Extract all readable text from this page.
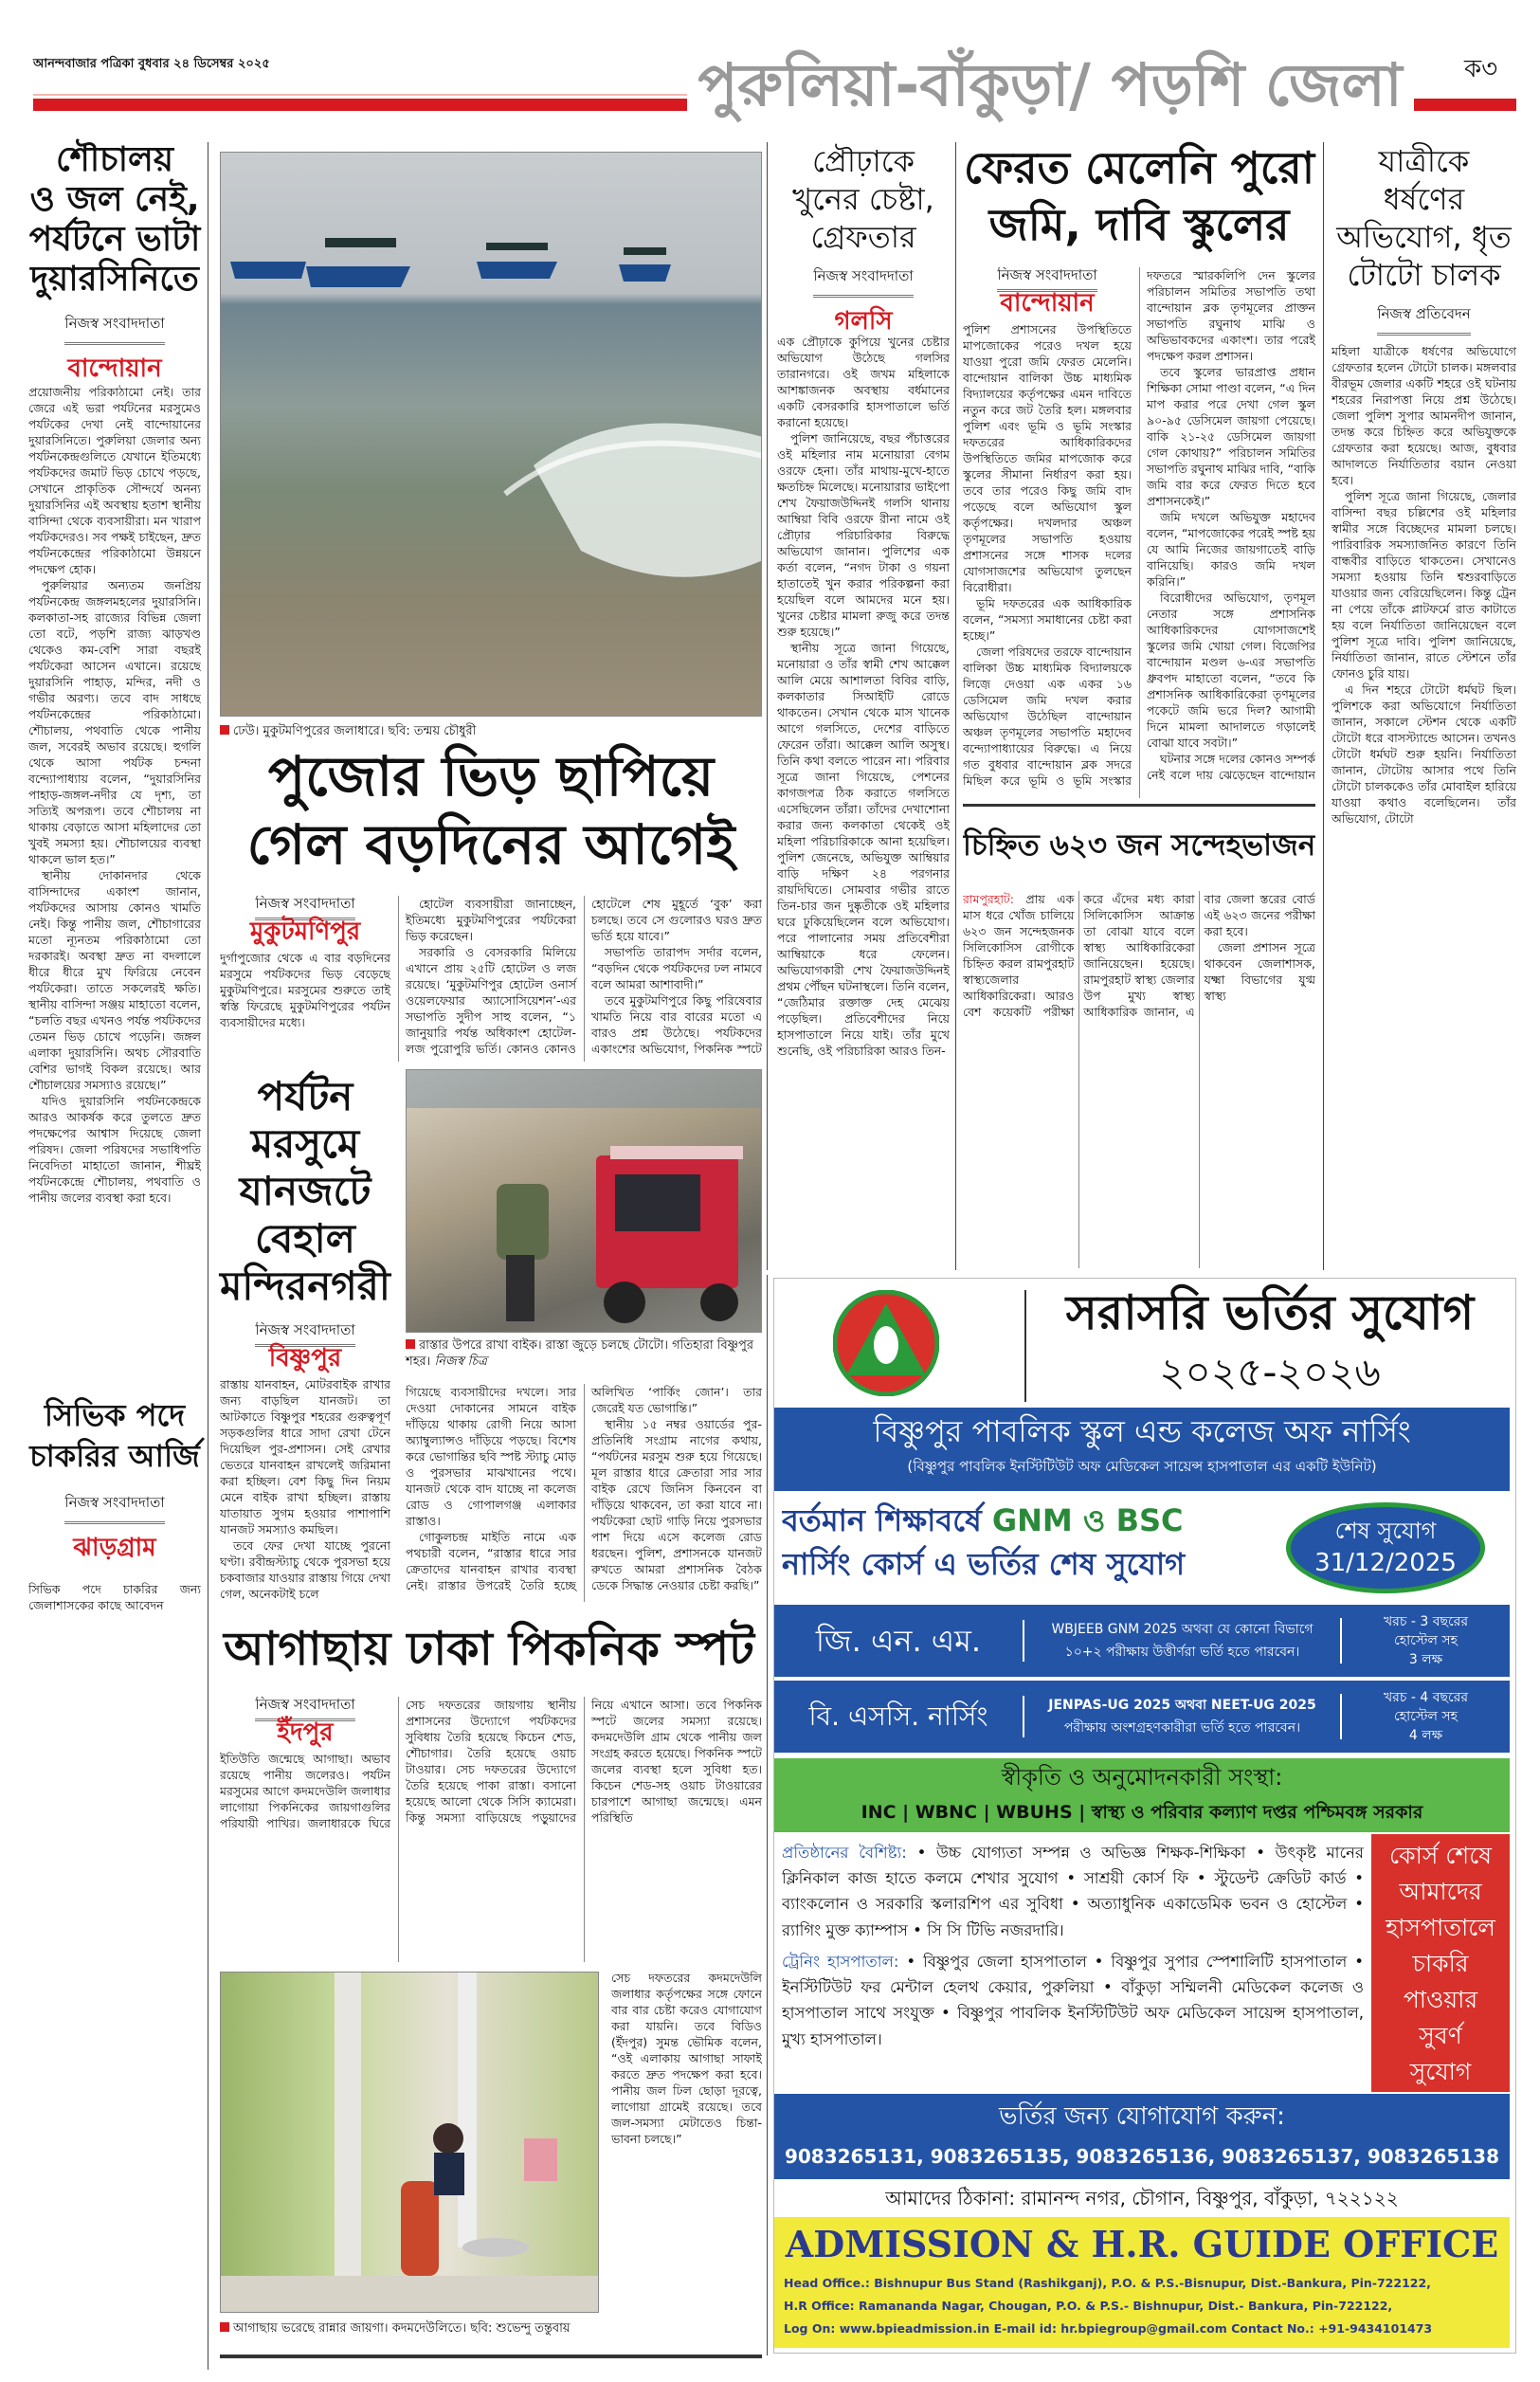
আনন্দবাজার পত্রিকা বুধবার ২৪ ডিসেম্বর ২০২৫	পুরুলিয়া-বাঁকুড়া/ পড়শি জেলা	ক৩
শৌচালয়
ও জল নেই,
পর্যটনে ভাটা
দুয়ারসিনিতে
নিজস্ব সংবাদদাতা
বান্দোয়ান

প্রয়োজনীয় পরিকাঠামো নেই। তার জেরে এই ভরা পর্যটনের মরসুমেও পর্যটকের দেখা নেই বান্দোয়ানের দুয়ারসিনিতে। পুরুলিয়া জেলার অন্য পর্যটনকেন্দ্রগুলিতে যেখানে ইতিমধ্যে পর্যটকদের জমাট ভিড় চোখে পড়ছে, সেখানে প্রাকৃতিক সৌন্দর্যে অনন্য দুয়ারসিনির এই অবস্থায় হতাশ স্থানীয় বাসিন্দা থেকে ব্যবসায়ীরা। মন খারাপ পর্যটকদেরও। সব পক্ষই চাইছেন, দ্রুত পর্যটনকেন্দ্রের পরিকাঠামো উন্নয়নে পদক্ষেপ হোক।

পুরুলিয়ার অন্যতম জনপ্রিয় পর্যটনকেন্দ্র জঙ্গলমহলের দুয়ারসিনি। কলকাতা-সহ রাজ্যের বিভিন্ন জেলা তো বটে, পড়শি রাজ্য ঝাড়খণ্ড থেকেও কম-বেশি সারা বছরই পর্যটকেরা আসেন এখানে। রয়েছে দুয়ারসিনি পাহাড়, মন্দির, নদী ও গভীর অরণ্য। তবে বাদ সাধছে পর্যটনকেন্দ্রের পরিকাঠামো। শৌচালয়, পথবাতি থেকে পানীয় জল, সবেরই অভাব রয়েছে। হুগলি থেকে আসা পর্যটক চন্দনা বন্দ্যোপাধ্যায় বলেন, “দুয়ারসিনির পাহাড়-জঙ্গল-নদীর যে দৃশ্য, তা সত্যিই অপরূপ। তবে শৌচালয় না থাকায় বেড়াতে আসা মহিলাদের তো খুবই সমস্যা হয়। শৌচালয়ের ব্যবস্থা থাকলে ভাল হত।”

স্থানীয় দোকানদার থেকে বাসিন্দাদের একাংশ জানান, পর্যটকদের আসায় কোনও খামতি নেই। কিন্তু পানীয় জল, শৌচাগারের মতো ন্যূনতম পরিকাঠামো তো দরকারই। অবস্থা দ্রুত না বদলালে ধীরে ধীরে মুখ ফিরিয়ে নেবেন পর্যটকেরা। তাতে সকলেরই ক্ষতি। স্থানীয় বাসিন্দা সঞ্জয় মাহাতো বলেন, “চলতি বছর এখনও পর্যন্ত পর্যটকদের তেমন ভিড় চোখে পড়েনি। জঙ্গল এলাকা দুয়ারসিনি। অথচ সৌরবাতি বেশির ভাগই বিকল রয়েছে। আর শৌচালয়ের সমস্যাও রয়েছে।”

যদিও দুয়ারসিনি পর্যটনকেন্দ্রকে আরও আকর্ষক করে তুলতে দ্রুত পদক্ষেপের আশ্বাস দিয়েছে জেলা পরিষদ। জেলা পরিষদের সভাধিপতি নিবেদিতা মাহাতো জানান, শীঘ্রই পর্যটনকেন্দ্রে শৌচালয়, পথবাতি ও পানীয় জলের ব্যবস্থা করা হবে।

ঢেউ। মুকুটমণিপুরের জলাধারে। ছবি: তন্ময় চৌধুরী
পুজোর ভিড় ছাপিয়ে
গেল বড়দিনের আগেই
নিজস্ব সংবাদদাতা
মুকুটমণিপুর

দুর্গাপুজোর থেকে এ বার বড়দিনের মরসুমে পর্যটকদের ভিড় বেড়েছে মুকুটমণিপুরে। মরসুমের শুরুতে তাই স্বস্তি ফিরেছে মুকুটমণিপুরের পর্যটন ব্যবসায়ীদের মধ্যে।

হোটেল ব্যবসায়ীরা জানাচ্ছেন, ইতিমধ্যে মুকুটমণিপুরের পর্যটকেরা ভিড় করেছেন।

সরকারি ও বেসরকারি মিলিয়ে এখানে প্রায় ২৫টি হোটেল ও লজ রয়েছে। ‘মুকুটমণিপুর হোটেল ওনার্স ওয়েলফেয়ার অ্যাসোসিয়েশন’-এর সভাপতি সুদীপ সাহু বলেন, “১ জানুয়ারি পর্যন্ত অধিকাংশ হোটেল-লজ পুরোপুরি ভর্তি। কোনও কোনও হোটেলে শেষ মুহূর্তে ‘বুক’ করা চলছে। তবে সে গুলোরও ঘরও দ্রুত ভর্তি হয়ে যাবে।”

সভাপতি তারাপদ সর্দার বলেন, “বড়দিন থেকে পর্যটকদের ঢল নামবে বলে আমরা আশাবাদী।”

তবে মুকুটমণিপুরে কিছু পরিষেবার খামতি নিয়ে বার বারের মতো এ বারও প্রশ্ন উঠেছে। পর্যটকদের একাংশের অভিযোগ, পিকনিক স্পটে

পর্যটন
মরসুমে
যানজটে
বেহাল
মন্দিরনগরী
নিজস্ব সংবাদদাতা
বিষ্ণুপুর

রাস্তায় যানবাহন, মোটরবাইক রাখার জন্য বাড়ছিল যানজট। তা আটকাতে বিষ্ণুপুর শহরের গুরুত্বপূর্ণ সড়কগুলির ধারে সাদা রেখা টেনে দিয়েছিল পুর-প্রশাসন। সেই রেখার ভেতরে যানবাহন রাখলেই জরিমানা করা হচ্ছিল। বেশ কিছু দিন নিয়ম মেনে বাইক রাখা হচ্ছিল। রাস্তায় যাতায়াত সুগম হওয়ার পাশাপাশি যানজট সমস্যাও কমছিল।

তবে ফের দেখা যাচ্ছে পুরনো ঘণ্টা। রবীন্দ্রস্ট্যাচু থেকে পুরসভা হয়ে চকবাজার যাওয়ার রাস্তায় গিয়ে দেখা গেল, অনেকটাই চলে

রাস্তার উপরে রাখা বাইক। রাস্তা জুড়ে চলছে টোটো। গতিহারা বিষ্ণুপুর শহর। নিজস্ব চিত্র

গিয়েছে ব্যবসায়ীদের দখলে। সার দেওয়া দোকানের সামনে বাইক দাঁড়িয়ে থাকায় রোগী নিয়ে আসা অ্যাম্বুল্যান্সও দাঁড়িয়ে পড়ছে। বিশেষ করে ভোগান্তির ছবি স্পষ্ট স্ট্যাচু মোড় ও পুরসভার মাঝখানের পথে। যানজট থেকে বাদ যাচ্ছে না কলেজ রোড ও গোপালগঞ্জ এলাকার রাস্তাও।

গোকুলচন্দ্র মাইতি নামে এক পথচারী বলেন, “রাস্তার ধারে সার ক্রেতাদের যানবাহন রাখার ব্যবস্থা নেই। রাস্তার উপরেই তৈরি হচ্ছে অলিখিত ‘পার্কিং জোন’। তার জেরেই যত ভোগান্তি।”

স্থানীয় ১৫ নম্বর ওয়ার্ডের পুর-প্রতিনিধি সংগ্রাম নাগের কথায়, “পর্যটনের মরসুম শুরু হয়ে গিয়েছে। মূল রাস্তার ধারে ক্রেতারা সার সার বাইক রেখে জিনিস কিনবেন বা দাঁড়িয়ে থাকবেন, তা করা যাবে না। পর্যটকেরা ছোট গাড়ি নিয়ে পুরসভার পাশ দিয়ে এসে কলেজ রোড ধরছেন। পুলিশ, প্রশাসনকে যানজট রুখতে আমরা প্রশাসনিক বৈঠক ডেকে সিদ্ধান্ত নেওয়ার চেষ্টা করছি।”

আগাছায় ঢাকা পিকনিক স্পট
নিজস্ব সংবাদদাতা
ইঁদপুর

ইতিউতি জন্মেছে আগাছা। অভাব রয়েছে পানীয় জলেরও। পর্যটন মরসুমের আগে কদমদেউলি জলাধার লাগোয়া পিকনিকের জায়গাগুলির পরিযায়ী পাখির। জলাধারকে ঘিরে সেচ দফতরের জায়গায় স্থানীয় প্রশাসনের উদ্যোগে পর্যটকদের সুবিধায় তৈরি হয়েছে কিচেন শেড, শৌচাগার। তৈরি হয়েছে ওয়াচ টাওয়ার। সেচ দফতরের উদ্যোগে তৈরি হয়েছে পাকা রাস্তা। বসানো হয়েছে আলো থেকে সিসি ক্যামেরা। কিন্তু সমস্যা বাড়িয়েছে পড়ুয়াদের নিয়ে এখানে আসা। তবে পিকনিক স্পটে জলের সমস্যা রয়েছে। কদমদেউলি গ্রাম থেকে পানীয় জল সংগ্রহ করতে হয়েছে। পিকনিক স্পটে জলের ব্যবস্থা হলে সুবিধা হত। কিচেন শেড-সহ ওয়াচ টাওয়ারের চারপাশে আগাছা জন্মেছে। এমন পরিস্থিতি

আগাছায় ভরেছে রান্নার জায়গা। কদমদেউলিতে। ছবি: শুভেন্দু তন্তুবায়

সেচ দফতরের কদমদেউলি জলাধার কর্তৃপক্ষের সঙ্গে ফোনে বার বার চেষ্টা করেও যোগাযোগ করা যায়নি। তবে বিডিও (ইঁদপুর) সুমন্ত ভৌমিক বলেন, “ওই এলাকায় আগাছা সাফাই করতে দ্রুত পদক্ষেপ করা হবে। পানীয় জল ঢিল ছোড়া দূরত্বে, লাগোয়া গ্রামেই রয়েছে। তবে জল-সমস্যা মেটাতেও চিন্তা-ভাবনা চলছে।”

সিভিক পদে
চাকরির আর্জি
নিজস্ব সংবাদদাতা
ঝাড়গ্রাম

সিভিক পদে চাকরির জন্য জেলাশাসকের কাছে আবেদন

প্রৌঢ়াকে
খুনের চেষ্টা,
গ্রেফতার
নিজস্ব সংবাদদাতা
গলসি

এক প্রৌঢ়াকে কুপিয়ে খুনের চেষ্টার অভিযোগ উঠেছে গলসির তারানগরে। ওই জখম মহিলাকে আশঙ্কাজনক অবস্থায় বর্ধমানের একটি বেসরকারি হাসপাতালে ভর্তি করানো হয়েছে।

পুলিশ জানিয়েছে, বছর পঁচাত্তরের ওই মহিলার নাম মনোয়ারা বেগম ওরফে হেনা। তাঁর মাথায়-মুখে-হাতে ক্ষতচিহ্ন মিলেছে। মনোয়ারার ভাইপো শেখ ফৈয়াজউদ্দিনই গলসি থানায় আম্বিয়া বিবি ওরফে রীনা নামে ওই প্রৌঢ়ার পরিচারিকার বিরুদ্ধে অভিযোগ জানান। পুলিশের এক কর্তা বলেন, “নগদ টাকা ও গয়না হাতাতেই খুন করার পরিকল্পনা করা হয়েছিল বলে আমদের মনে হয়। খুনের চেষ্টার মামলা রুজু করে তদন্ত শুরু হয়েছে।”

স্থানীয় সূত্রে জানা গিয়েছে, মনোয়ারা ও তাঁর স্বামী শেখ আক্কেল আলি মেয়ে আশালতা বিবির বাড়ি, কলকাতার সিআইটি রোডে থাকতেন। সেখান থেকে মাস খানেক আগে গলসিতে, দেশের বাড়িতে ফেরেন তাঁরা। আক্কেল আলি অসুস্থ। তিনি কথা বলতে পারেন না। পরিবার সূত্রে জানা গিয়েছে, পেশনের কাগজপত্র ঠিক করাতে গলসিতে এসেছিলেন তাঁরা। তাঁদের দেখাশোনা করার জন্য কলকাতা থেকেই ওই মহিলা পরিচারিকাকে আনা হয়েছিল। পুলিশ জেনেছে, অভিযুক্ত আম্বিয়ার বাড়ি দক্ষিণ ২৪ পরগনার রায়দিঘিতে। সোমবার গভীর রাতে তিন-চার জন দুষ্কৃতীকে ওই মহিলার ঘরে ঢুকিয়েছিলেন বলে অভিযোগ। পরে পালানোর সময় প্রতিবেশীরা আম্বিয়াকে ধরে ফেলেন। অভিযোগকারী শেখ ফৈয়াজউদ্দিনই প্রথম পৌঁছন ঘটনাস্থলে। তিনি বলেন, “জেঠিমার রক্তাক্ত দেহ মেঝেয় পড়েছিল। প্রতিবেশীদের নিয়ে হাসপাতালে নিয়ে যাই। তাঁর মুখে শুনেছি, ওই পরিচারিকা আরও তিন-

ফেরত মেলেনি পুরো
জমি, দাবি স্কুলের
নিজস্ব সংবাদদাতা
বান্দোয়ান

পুলিশ প্রশাসনের উপস্থিতিতে মাপজোকের পরেও দখল হয়ে যাওয়া পুরো জমি ফেরত মেলেনি। বান্দোয়ান বালিকা উচ্চ মাধ্যমিক বিদ্যালয়ের কর্তৃপক্ষের এমন দাবিতে নতুন করে জট তৈরি হল। মঙ্গলবার পুলিশ এবং ভূমি ও ভূমি সংস্কার দফতরের আধিকারিকদের উপস্থিতিতে জমির মাপজোক করে স্কুলের সীমানা নির্ধারণ করা হয়। তবে তার পরেও কিছু জমি বাদ পড়েছে বলে অভিযোগ স্কুল কর্তৃপক্ষের। দখলদার অঞ্চল তৃণমূলের সভাপতি হওয়ায় প্রশাসনের সঙ্গে শাসক দলের যোগসাজশের অভিযোগ তুলছেন বিরোধীরা।

ভূমি দফতরের এক আধিকারিক বলেন, “সমস্যা সমাধানের চেষ্টা করা হচ্ছে।”

জেলা পরিষদের তরফে বান্দোয়ান বালিকা উচ্চ মাধ্যমিক বিদ্যালয়কে লিজ়ে দেওয়া এক একর ১৬ ডেসিমেল জমি দখল করার অভিযোগ উঠেছিল বান্দোয়ান অঞ্চল তৃণমূলের সভাপতি মহাদেব বন্দ্যোপাধ্যায়ের বিরুদ্ধে। এ নিয়ে গত বুধবার বান্দোয়ান ব্লক সদরে মিছিল করে ভূমি ও ভূমি সংস্কার দফতরে স্মারকলিপি দেন স্কুলের পরিচালন সমিতির সভাপতি তথা বান্দোয়ান ব্লক তৃণমূলের প্রাক্তন সভাপতি রঘুনাথ মাঝি ও অভিভাবকদের একাংশ। তার পরেই পদক্ষেপ করল প্রশাসন।

তবে স্কুলের ভারপ্রাপ্ত প্রধান শিক্ষিকা সোমা পাণ্ডা বলেন, “এ দিন মাপ করার পরে দেখা গেল স্কুল ৯০-৯৫ ডেসিমেল জায়গা পেয়েছে। বাকি ২১-২৫ ডেসিমেল জায়গা গেল কোথায়?” পরিচালন সমিতির সভাপতি রঘুনাথ মাঝির দাবি, “বাকি জমি বার করে ফেরত দিতে হবে প্রশাসনকেই।”

জমি দখলে অভিযুক্ত মহাদেব বলেন, “মাপজোকের পরেই স্পষ্ট হয় যে আমি নিজের জায়গাতেই বাড়ি বানিয়েছি। কারও জমি দখল করিনি।”

বিরোধীদের অভিযোগ, তৃণমূল নেতার সঙ্গে প্রশাসনিক আধিকারিকদের যোগসাজশেই স্কুলের জমি খোয়া গেল। বিজেপির বান্দোয়ান মণ্ডল ৬-এর সভাপতি ধ্রুবপদ মাহাতো বলেন, “তবে কি প্রশাসনিক আধিকারিকেরা তৃণমূলের পকেটে জমি ভরে দিল? আগামী দিনে মামলা আদালতে গড়ালেই বোঝা যাবে সবটা।”

ঘটনার সঙ্গে দলের কোনও সম্পর্ক নেই বলে দায় ঝেড়েছেন বান্দোয়ান

চিহ্নিত ৬২৩ জন সন্দেহভাজন

রামপুরহাট: প্রায় এক মাস ধরে খোঁজ চালিয়ে ৬২৩ জন সন্দেহজনক সিলিকোসিস রোগীকে চিহ্নিত করল রামপুরহাট স্বাস্থ্যজেলার আধিকারিকেরা। আরও বেশ কয়েকটি পরীক্ষা করে এঁদের মধ্য কারা সিলিকোসিস আক্রান্ত তা বোঝা যাবে বলে স্বাস্থ্য আধিকারিকেরা জানিয়েছেন। হয়েছে। রামপুরহাট স্বাস্থ্য জেলার উপ মুখ্য স্বাস্থ্য আধিকারিক জানান, এ বার জেলা স্তরের বোর্ড এই ৬২৩ জনের পরীক্ষা করা হবে।

জেলা প্রশাসন সূত্রে থাকবেন জেলাশাসক, যক্ষ্মা বিভাগের যুগ্ম স্বাস্থ্য

যাত্রীকে
ধর্ষণের
অভিযোগ, ধৃত
টোটো চালক
নিজস্ব প্রতিবেদন

মহিলা যাত্রীকে ধর্ষণের অভিযোগে গ্রেফতার হলেন টোটো চালক। মঙ্গলবার বীরভূম জেলার একটি শহরে ওই ঘটনায় শহরের নিরাপত্তা নিয়ে প্রশ্ন উঠেছে। জেলা পুলিশ সুপার আমনদীপ জানান, তদন্ত করে চিহ্নিত করে অভিযুক্তকে গ্রেফতার করা হয়েছে। আজ, বুধবার আদালতে নির্যাতিতার বয়ান নেওয়া হবে।

পুলিশ সূত্রে জানা গিয়েছে, জেলার বাসিন্দা বছর চল্লিশের ওই মহিলার স্বামীর সঙ্গে বিচ্ছেদের মামলা চলছে। পারিবারিক সমস্যাজনিত কারণে তিনি বান্ধবীর বাড়িতে থাকতেন। সেখানেও সমস্যা হওয়ায় তিনি শ্বশুরবাড়িতে যাওয়ার জন্য বেরিয়েছিলেন। কিন্তু ট্রেন না পেয়ে তাঁকে প্লাটফর্মে রাত কাটাতে হয় বলে নির্যাতিতা জানিয়েছেন বলে পুলিশ সূত্রে দাবি। পুলিশ জানিয়েছে, নির্যাতিতা জানান, রাতে স্টেশনে তাঁর ফোনও চুরি যায়।

এ দিন শহরে টোটো ধর্মঘট ছিল। পুলিশকে করা অভিযোগে নির্যাতিতা জানান, সকালে স্টেশন থেকে একটি টোটো ধরে বাসস্ট্যান্ডে আসেন। তখনও টোটো ধর্মঘট শুরু হয়নি। নির্যাতিতা জানান, টোটোয় আসার পথে তিনি টোটো চালককেও তাঁর মোবাইল হারিয়ে যাওয়া কথাও বলেছিলেন। তাঁর অভিযোগ, টোটো

সরাসরি ভর্তির সুযোগ
২০২৫-২০২৬
বিষ্ণুপুর পাবলিক স্কুল এন্ড কলেজ অফ নার্সিং
(বিষ্ণুপুর পাবলিক ইনস্টিটিউট অফ মেডিকেল সায়েন্স হাসপাতাল এর একটি ইউনিট)
বর্তমান শিক্ষাবর্ষে GNM ও BSC
নার্সিং কোর্স এ ভর্তির শেষ সুযোগ
শেষ সুযোগ
31/12/2025
জি. এন. এম.	WBJEEB GNM 2025 অথবা যে কোনো বিভাগে
১০+২ পরীক্ষায় উত্তীর্ণরা ভর্তি হতে পারবেন।
খরচ - 3 বছরের
হোস্টেল সহ
3 লক্ষ
বি. এসসি. নার্সিং	JENPAS-UG 2025 অথবা NEET-UG 2025
পরীক্ষায় অংশগ্রহণকারীরা ভর্তি হতে পারবেন।
খরচ - 4 বছরের
হোস্টেল সহ
4 লক্ষ
স্বীকৃতি ও অনুমোদনকারী সংস্থা:
INC | WBNC | WBUHS | স্বাস্থ্য ও পরিবার কল্যাণ দপ্তর পশ্চিমবঙ্গ সরকার

প্রতিষ্ঠানের বৈশিষ্ট্য: • উচ্চ যোগ্যতা সম্পন্ন ও অভিজ্ঞ শিক্ষক-শিক্ষিকা • উৎকৃষ্ট মানের ক্লিনিকাল কাজ হাতে কলমে শেখার সুযোগ • সাশ্রয়ী কোর্স ফি • স্টুডেন্ট ক্রেডিট কার্ড • ব্যাংকলোন ও সরকারি স্কলারশিপ এর সুবিধা • অত্যাধুনিক একাডেমিক ভবন ও হোস্টেল • র‍্যাগিং মুক্ত ক্যাম্পাস • সি সি টিভি নজরদারি।

ট্রেনিং হাসপাতাল: • বিষ্ণুপুর জেলা হাসপাতাল • বিষ্ণুপুর সুপার স্পেশালিটি হাসপাতাল • ইনস্টিটিউট ফর মেন্টাল হেলথ কেয়ার, পুরুলিয়া • বাঁকুড়া সম্মিলনী মেডিকেল কলেজ ও হাসপাতাল সাথে সংযুক্ত • বিষ্ণুপুর পাবলিক ইনস্টিটিউট অফ মেডিকেল সায়েন্স হাসপাতাল, মুখ্য হাসপাতাল।

কোর্স শেষে
আমাদের
হাসপাতালে
চাকরি
পাওয়ার
সুবর্ণ
সুযোগ
ভর্তির জন্য যোগাযোগ করুন:
9083265131, 9083265135, 9083265136, 9083265137, 9083265138
আমাদের ঠিকানা: রামানন্দ নগর, চৌগান, বিষ্ণুপুর, বাঁকুড়া, ৭২২১২২
ADMISSION & H.R. GUIDE OFFICE
Head Office.: Bishnupur Bus Stand (Rashikganj), P.O. & P.S.-Bisnupur, Dist.-Bankura, Pin-722122,
H.R Office: Ramananda Nagar, Chougan, P.O. & P.S.- Bishnupur, Dist.- Bankura, Pin-722122,
Log On: www.bpieadmission.in E-mail id: hr.bpiegroup@gmail.com Contact No.: +91-9434101473
